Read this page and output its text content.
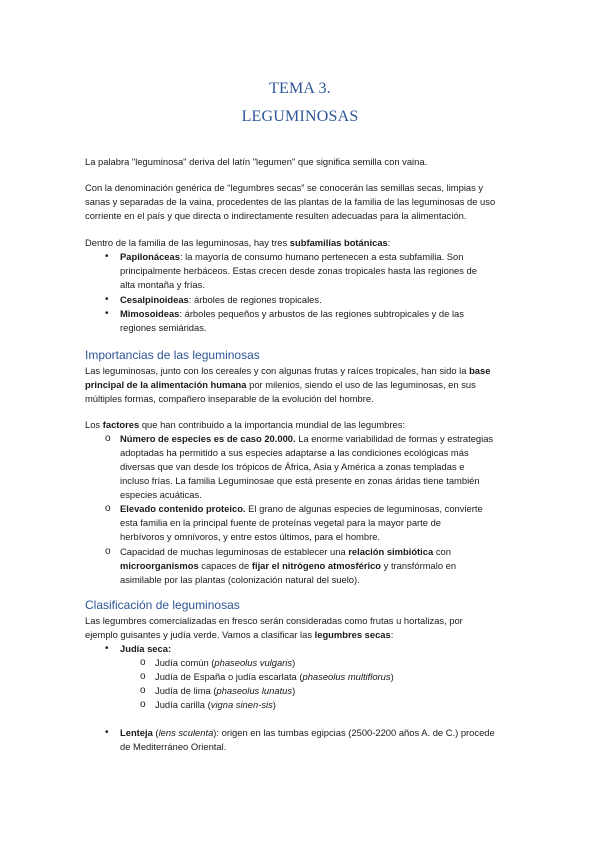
TEMA 3.
LEGUMINOSAS

La palabra "leguminosa" deriva del latín "legumen" que significa semilla con vaina.

Con la denominación genérica de “legumbres secas” se conocerán las semillas secas, limpias y

sanas y separadas de la vaina, procedentes de las plantas de la familia de las leguminosas de uso

corriente en el país y que directa o indirectamente resulten adecuadas para la alimentación.

Dentro de la familia de las leguminosas, hay tres subfamilias botánicas:

• Papilonáceas: la mayoría de consumo humano pertenecen a esta subfamilia. Son

principalmente herbáceos. Estas crecen desde zonas tropicales hasta las regiones de

alta montaña y frías.

• Cesalpinoideas: árboles de regiones tropicales.

• Mimosoideas: árboles pequeños y arbustos de las regiones subtropicales y de las

regiones semiáridas.

Importancias de las leguminosas

Las leguminosas, junto con los cereales y con algunas frutas y raíces tropicales, han sido la base

principal de la alimentación humana por milenios, siendo el uso de las leguminosas, en sus

múltiples formas, compañero inseparable de la evolución del hombre.

Los factores que han contribuido a la importancia mundial de las legumbres:

o Número de especies es de caso 20.000. La enorme variabilidad de formas y estrategias

adoptadas ha permitido a sus especies adaptarse a las condiciones ecológicas más

diversas que van desde los trópicos de África, Asia y América a zonas templadas e

incluso frías. La familia Leguminosae que está presente en zonas áridas tiene también

especies acuáticas.

o Elevado contenido proteico. El grano de algunas especies de leguminosas, convierte

esta familia en la principal fuente de proteínas vegetal para la mayor parte de

herbívoros y omnívoros, y entre estos últimos, para el hombre.

o Capacidad de muchas leguminosas de establecer una relación simbiótica con

microorganismos capaces de fijar el nitrógeno atmosférico y transfórmalo en

asimilable por las plantas (colonización natural del suelo).

Clasificación de leguminosas

Las legumbres comercializadas en fresco serán consideradas como frutas u hortalizas, por

ejemplo guisantes y judía verde. Vamos a clasificar las legumbres secas:

• Judía seca:

o Judía común (phaseolus vulgaris)

o Judía de España o judía escarlata (phaseolus multiflorus)

o Judía de lima (phaseolus lunatus)

o Judía carilla (vigna sinen-sis)

• Lenteja (lens sculenta): origen en las tumbas egipcias (2500-2200 años A. de C.) procede

de Mediterráneo Oriental.
